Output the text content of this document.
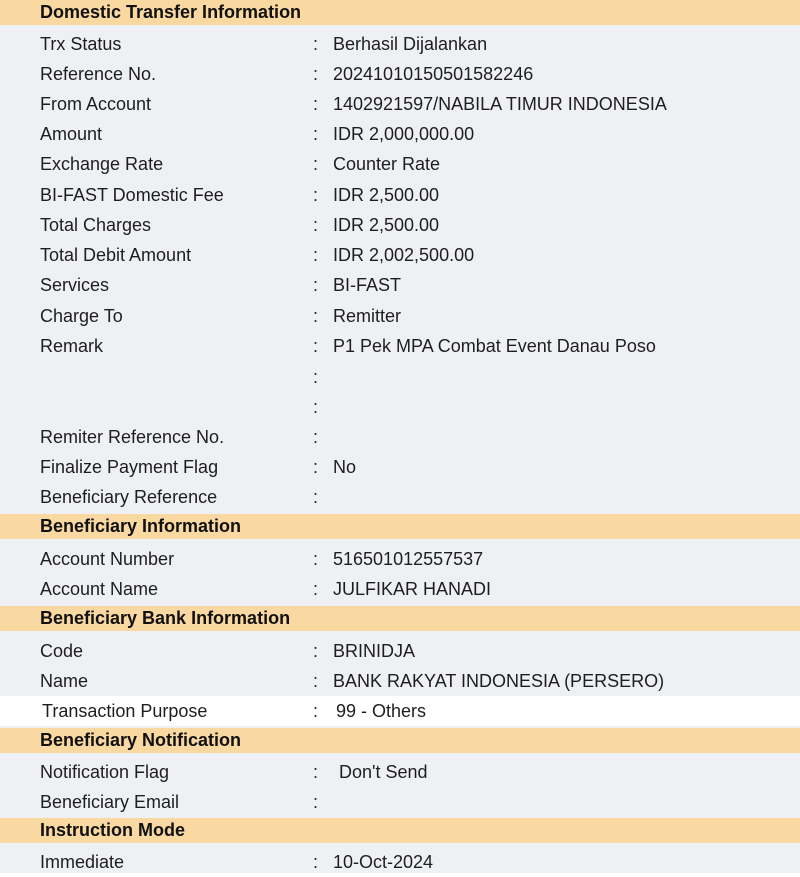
Domestic Transfer Information
Trx Status	: Berhasil Dijalankan
Reference No.	: 20241010150501582246
From Account	: 1402921597/NABILA TIMUR INDONESIA
Amount	: IDR 2,000,000.00
Exchange Rate	: Counter Rate
BI-FAST Domestic Fee	: IDR 2,500.00
Total Charges	: IDR 2,500.00
Total Debit Amount	: IDR 2,002,500.00
Services	: BI-FAST
Charge To	: Remitter
Remark	: P1 Pek MPA Combat Event Danau Poso
:
:
Remiter Reference No.	:
Finalize Payment Flag	: No
Beneficiary Reference	:
Beneficiary Information
Account Number	: 516501012557537
Account Name	: JULFIKAR HANADI
Beneficiary Bank Information
Code	: BRINIDJA
Name	: BANK RAKYAT INDONESIA (PERSERO)
Transaction Purpose	: 99 - Others
Beneficiary Notification
Notification Flag	: Don't Send
Beneficiary Email	:
Instruction Mode
Immediate	: 10-Oct-2024
